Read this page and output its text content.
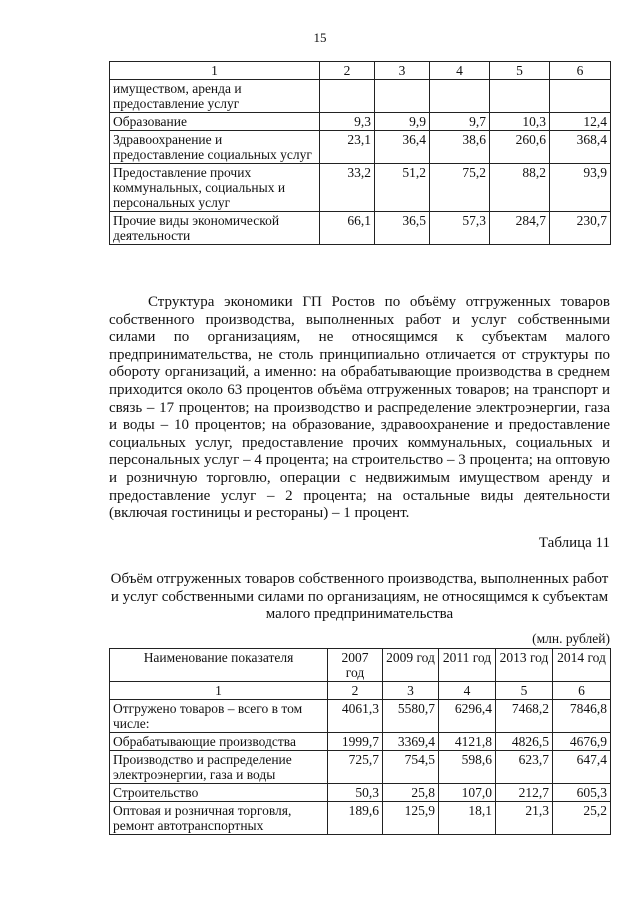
15
1	2	3	4	5	6
имуществом, аренда и предоставление услуг					
Образование	9,3	9,9	9,7	10,3	12,4
Здравоохранение и предоставление социальных услуг	23,1	36,4	38,6	260,6	368,4
Предоставление прочих коммунальных, социальных и персональных услуг	33,2	51,2	75,2	88,2	93,9
Прочие виды экономической деятельности	66,1	36,5	57,3	284,7	230,7

Структура экономики ГП Ростов по объёму отгруженных товаров собственного производства, выполненных работ и услуг собственными силами по организациям, не относящимся к субъектам малого предпринимательства, не столь принципиально отличается от структуры по обороту организаций, а именно: на обрабатывающие производства в среднем приходится около 63 процентов объёма отгруженных товаров; на транспорт и связь – 17 процентов; на производство и распределение электроэнергии, газа и воды – 10 процентов; на образование, здравоохранение и предоставление социальных услуг, предоставление прочих коммунальных, социальных и персональных услуг – 4 процента; на строительство – 3 процента; на оптовую и розничную торговлю, операции с недвижимым имуществом аренду и предоставление услуг – 2 процента; на остальные виды деятельности (включая гостиницы и рестораны) – 1 процент.

Таблица 11

Объём отгруженных товаров собственного производства, выполненных работ и услуг собственными силами по организациям, не относящимся к субъектам малого предпринимательства

(млн. рублей)
Наименование показателя	2007 год	2009 год	2011 год	2013 год	2014 год
1	2	3	4	5	6
Отгружено товаров – всего в том числе:	4061,3	5580,7	6296,4	7468,2	7846,8
Обрабатывающие производства	1999,7	3369,4	4121,8	4826,5	4676,9
Производство и распределение электроэнергии, газа и воды	725,7	754,5	598,6	623,7	647,4
Строительство	50,3	25,8	107,0	212,7	605,3
Оптовая и розничная торговля, ремонт автотранспортных	189,6	125,9	18,1	21,3	25,2
